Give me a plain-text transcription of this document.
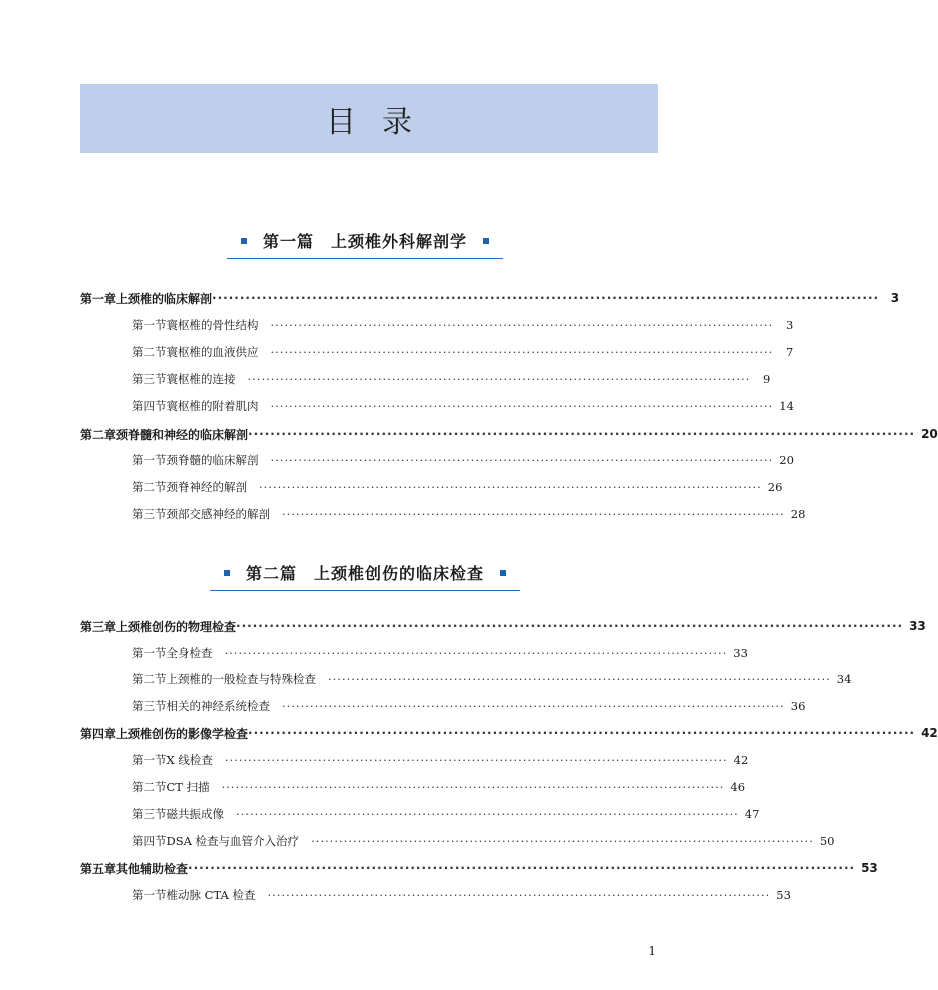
目录
第一篇　上颈椎外科解剖学
第一章 上颈椎的临床解剖 ························································································································ 3
第一节 寰枢椎的骨性结构 ············································································································	3
第二节 寰枢椎的血液供应 ············································································································	7
第三节 寰枢椎的连接 ············································································································	9
第四节 寰枢椎的附着肌肉 ············································································································ 14
第二章 颈脊髓和神经的临床解剖 ························································································································ 20
第一节 颈脊髓的临床解剖 ············································································································ 20
第二节 颈脊神经的解剖 ············································································································ 26
第三节 颈部交感神经的解剖 ············································································································ 28
第二篇　上颈椎创伤的临床检查
第三章 上颈椎创伤的物理检查 ························································································································ 33
第一节 全身检查 ············································································································ 33
第二节 上颈椎的一般检查与特殊检查 ············································································································ 34
第三节 相关的神经系统检查 ············································································································ 36
第四章 上颈椎创伤的影像学检查 ························································································································ 42
第一节 X 线检查 ············································································································ 42
第二节 CT 扫描 ············································································································ 46
第三节 磁共振成像 ············································································································ 47
第四节 DSA 检查与血管介入治疗 ············································································································ 50
第五章 其他辅助检查 ························································································································ 53
第一节 椎动脉 CTA 检查 ············································································································ 53
1
